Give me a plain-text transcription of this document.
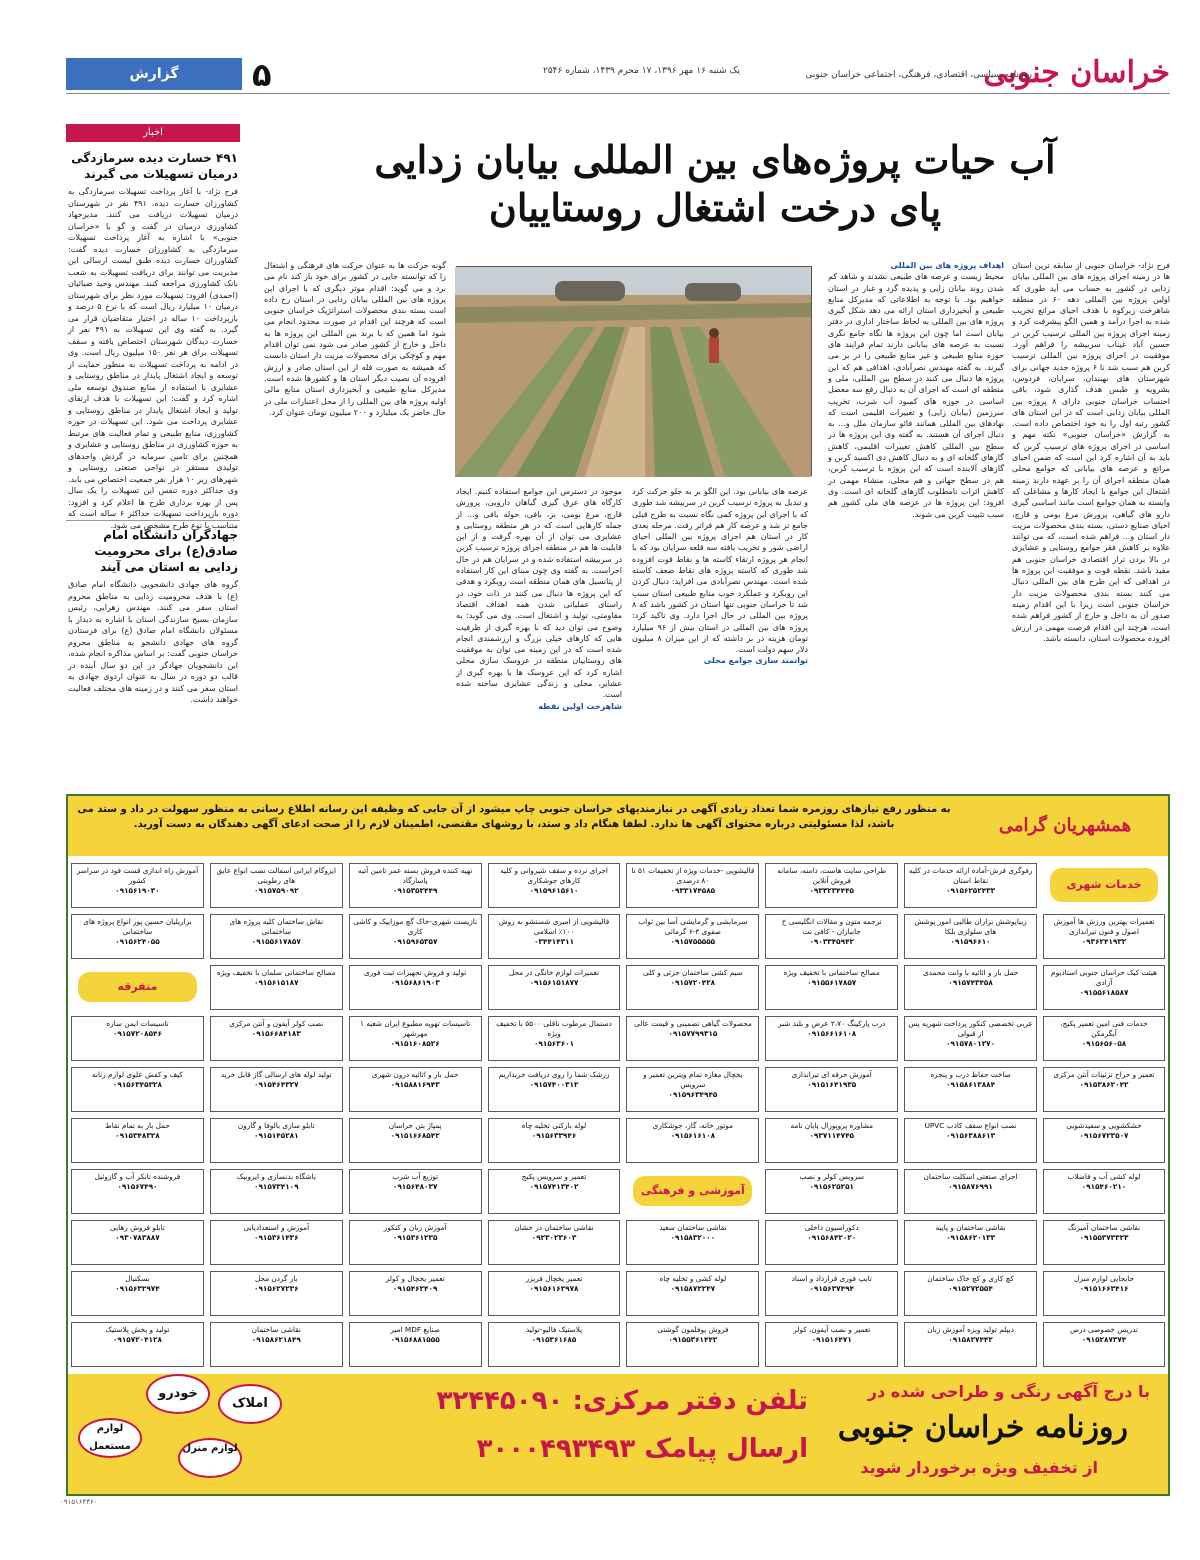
خراسان جنوبی
روزنامه سیاسی، اقتصادی، فرهنگی، اجتماعی خراسان جنوبی
یک شنبه ۱۶ مهر ۱۳۹۶، ۱۷ محرم ۱۴۳۹، شماره ۲۵۴۶
۵
گزارش
اخبار
۴۹۱ خسارت دیده سرمازدگی درمیان تسهیلات می گیرند
فرح نژاد- با آغاز پرداخت تسهیلات سرمازدگی به کشاورزان خسارت دیده، ۴۹۱ نفر در شهرستان درمیان تسهیلات دریافت می کنند. مدیرجهاد کشاورزی درمیان در گفت و گو با «خراسان جنوبی» با اشاره به آغاز پرداخت تسهیلات سرمازدگی به کشاورزان خسارت دیده گفت: کشاورزان خسارت دیده طبق لیست ارسالی این مدیریت می توانند برای دریافت تسهیلات به شعب بانک کشاورزی مراجعه کنند. مهندس وحید ضیائیان (احمدی) افزود: تسهیلات مورد نظر برای شهرستان درمیان ۱۰ میلیارد ریال است که با نرخ ۵ درصد و بازپرداخت ۱۰ ساله در اختیار متقاضیان قرار می گیرد. به گفته وی این تسهیلات به ۴۹۱ نفر از خسارت دیدگان شهرستان اختصاص یافته و سقف تسهیلات برای هر نفر ۱۵۰ میلیون ریال است. وی در ادامه به پرداخت تسهیلات به منظور حمایت از توسعه و ایجاد اشتغال پایدار در مناطق روستایی و عشایری با استفاده از منابع صندوق توسعه ملی اشاره کرد و گفت: این تسهیلات با هدف ارتقای تولید و ایجاد اشتغال پایدار در مناطق روستایی و عشایری پرداخت می شود. این تسهیلات در حوزه کشاورزی، منابع طبیعی و تمام فعالیت های مرتبط به حوزه کشاورزی در مناطق روستایی و عشایری و همچنین برای تامین سرمایه در گردش واحدهای تولیدی مستقر در نواحی صنعتی روستایی و شهرهای زیر ۱۰ هزار نفر جمعیت اختصاص می یابد. وی حداکثر دوره تنفس این تسهیلات را یک سال پس از بهره برداری طرح ها اعلام کرد و افزود: دوره بازپرداخت تسهیلات حداکثر ۶ ساله است که متناسب با نوع طرح مشخص می شود.
جهادگران دانشگاه امام صادق(ع) برای محرومیت زدایی به استان می آیند
گروه های جهادی دانشجویی دانشگاه امام صادق (ع) با هدف محرومیت زدایی به مناطق محروم استان سفر می کنند. مهندس زهرایی، رئیس سازمان بسیج سازندگی استان با اشاره به دیدار با مسئولان دانشگاه امام صادق (ع) برای فرستادن گروه های جهادی دانشجو به مناطق محروم خراسان جنوبی گفت: بر اساس مذاکره انجام شده، این دانشجویان جهادگر در این دو سال آینده در قالب دو دوره در سال به عنوان اردوی جهادی به استان سفر می کنند و در زمینه های مختلف فعالیت خواهند داشت.
آب حیات پروژه‌های بین المللی بیابان زدایی
پای درخت اشتغال روستاییان
فرح نژاد- خراسان جنوبی از سابقه ترین استان ها در زمینه اجرای پروژه های بین المللی بیابان زدایی در کشور به حساب می آید طوری که اولین پروژه بین المللی دهه ۶۰ در منطقه شاهرخت زیرکوه با هدف احیای مراتع تخریب شده به اجرا درآمد و همین الگو پیشرفت کرد و زمینه اجرای پروژه بین المللی ترسیب کربن در حسین آباد غیناب سربیشه را فراهم آورد. موفقیت در اجرای پروژه بین المللی ترسیب کربن هم سبب شد تا ۶ پروژه جدید جهانی برای شهرستان های نهبندان، سرایان، فردوس، بشرویه و طبس هدف گذاری شود، باقی احتساب خراسان جنوبی دارای ۸ پروژه بین المللی بیابان زدایی است که در این استان های کشور رتبه اول را به خود اختصاص داده است. به گزارش «خراسان جنوبی» نکته مهم و اساسی در اجرای پروژه های ترسیب کربن که باید به آن اشاره کرد این است که ضمن احیای مراتع و عرصه های بیابانی که جوامع محلی همان منطقه اجرای آن را بر عهده دارند زمینه اشتغال این جوامع با ایجاد کارها و مشاغلی که وابسته به همان جوامع است مانند اساسی گیری دارو های گیاهی، پرورش مرغ بومی و قارچ، احیای صنایع دستی، بسته بندی محصولات مزیت دار استان و... فراهم شده است، که می توانند علاوه بر کاهش فقر جوامع روستایی و عشایری در بالا بردن تراز اقتصادی خراسان جنوبی هم مفید باشد. نقطه قوت و موفقیت این پروژه ها در اهدافی که این طرح های بین المللی دنبال می کنند بسته بندی محصولات مزیت دار خراسان جنوبی است زیرا با این اقدام زمینه صدور آن به داخل و خارج از کشور فراهم شده است، هرچند این اقدام فرصت مهمی در ارزش افزوده محصولات استان، دانسته باشد.
اهداف پروژه های بین المللی
محیط زیست و عرصه های طبیعی نشدند و شاهد کم شدن روند بیابان زایی و پدیده گرد و غبار در استان خواهیم بود. با توجه به اطلاعاتی که مدیرکل منابع طبیعی و آبخیزداری استان ارائه می دهد شکل گیری پروژه های بین المللی به لحاظ ساختار اداری در دفتر بیابان است اما چون این پروژه ها نگاه جامع نگری نسبت به عرصه های بیابانی دارند تمام فرایند های حوزه منابع طبیعی و غیر منابع طبیعی را در بر می گیرند. به گفته مهندس نصرآبادی، اهدافی هم که این پروژه ها دنبال می کنند در سطح بین المللی، ملی و منطقه ای است که اجرای آن به دنبال رفع سه معضل اساسی در حوزه های کمبود آب شرب، تخریب سرزمین (بیابان زایی) و تغییرات اقلیمی است که نهادهای بین المللی همانند فائو سازمان ملل و... به دنبال اجرای آن هستند. به گفته وی این پروژه ها در سطح بین المللی کاهش تغییرات اقلیمی، کاهش گازهای گلخانه ای و به دنبال کاهش دی اکسید کربن و گازهای آلاینده است که این پروژه با ترسیب کربن، هم در سطح جهانی و هم محلی، منشاء مهمی در کاهش اثرات نامطلوب گازهای گلخانه ای است. وی افزود: این پروژه ها در عرصه های ملی کشور هم سبب تثبیت کربن می شوند.
عرصه های بیابانی بود. این الگو بر به جلو حرکت کرد و تبدیل به پروژه ترسیب کربن در سربیشه شد طوری که با اجرای این پروژه کمی نگاه نسبت به طرح قبلی جامع تر شد و عرصه کار هم فراتر رفت. مرحله بعدی کار در استان هم اجرای پروژه بین المللی احیای اراضی شور و تخریب یافته سه قلعه سرایان بود که با انجام هر پروژه ارتقاء کاسته ها و نقاط قوت افزوده شد طوری که کاسته پروژه های نقاط ضعف کاسته شده است. مهندس نصرآبادی می افزاید: دنبال کردن این رویکرد و عملکرد خوب منابع طبیعی استان سبب شد تا خراسان جنوبی تنها استان در کشور باشد که ۸ پروژه بین المللی در حال اجرا دارد. وی تاکید کرد: پروژه های بین المللی در استان بیش از ۹۶ میلیارد تومان هزینه در بر داشته که از این میزان ۸ میلیون دلار سهم دولت است.
توانمند سازی جوامع محلی
موجود در دسترس این جوامع استفاده کنیم. ایجاد کارگاه های عرق گیری گیاهان دارویی، پرورش قارچ، مرغ بومی، بز، بافی، حوله بافی و... از جمله کارهایی است که در هر منطقه روستایی و عشایری می توان از آن بهره گرفت و از این قابلیت ها هم در منطقه اجرای پروژه ترسیب کربن در سربیشه استفاده شده و در سرایان هم در حال اجراست. به گفته وی چون مبنای این کار استفاده از پتانسیل های همان منطقه است رویکرد و هدفی که این پروژه ها دنبال می کنند در ذات خود، در راستای عملیاتی شدن همه اهداف اقتصاد مقاومتی، تولید و اشتغال است. وی می گوید: به وضوح می توان دید که با بهره گیری از ظرفیت هایی که کارهای خیلی بزرگ و ارزشمندی انجام شده است که در این زمینه می توان به موفقیت های روستاییان منطقه در عروسک سازی محلی اشاره کرد که این عروسک ها با بهره گیری از عشایر، محلی و زندگی عشایری ساخته شده است.
شاهرخت اولین نقطه
گونه حرکت ها به عنوان حرکت های فرهنگی و اشتغال زا که توانسته جایی در کشور برای خود باز کند نام می برد و می گوید: اقدام موثر دیگری که با اجرای این پروژه های بین المللی بیابان زدایی در استان رخ داده است بسته بندی محصولات استراتژیک خراسان جنوبی است که هرچند این اقدام در صورت محدود انجام می شود اما همین که با برند بین المللی این پروژه ها به داخل و خارج از کشور صادر می شود نمی توان اقدام مهم و کوچکی برای محصولات مزیت دار استان دانست که همیشه به صورت فله از این استان صادر و ارزش افزوده آن نصیب دیگر استان ها و کشورها شده است. مدیرکل منابع طبیعی و آبخیزداری استان منابع مالی اولیه پروژه های بین المللی را از محل اعتبارات ملی در حال حاضر یک میلیارد و ۲۰۰ میلیون تومان عنوان کرد.
همشهریان گرامی
به منظور رفع نیازهای روزمره شما تعداد زیادی آگهی در نیازمندیهای خراسان جنوبی چاپ میشود از آن جایی که وظیفه این رسانه اطلاع رسانی به منظور سهولت در داد و ستد می باشد، لذا مسئولیتی درباره محتوای آگهی ها ندارد. لطفا هنگام داد و ستد، با روشهای مقتضی، اطمینان لازم را از صحت ادعای آگهی دهندگان به دست آورید.
رفوگری فرش-آماده ارائه خدمات در کلیه نقاط استان
۰۹۱۵۶۲۵۲۴۳۳
طراحی سایت هاست، دامنه، سامانه فروش آنلاین
۰۹۳۳۲۳۴۴۴۵
قالیشویی -خدمات ویژه از تخفیفات ۵۱ تا ۸۰ درصدی
۰۹۳۳۱۷۴۵۸۵
اجرای نرده و سقف شیروانی و کلیه کارهای جوشکاری
۰۹۱۵۹۶۱۵۶۱۰
تهیه کننده فروش بسته عمر تامین آتیه پاسارگاد
۰۹۱۵۳۵۲۴۴۹
ایزوگام ایرانی اسفالت نصب انواع عایق های رطوبتی
۰۹۱۵۷۵۹۰۹۲
آموزش راه اندازی قست فود در سراسر کشور
۰۹۱۵۶۱۹۰۳۰
تعمیرات بهترین ورزش ها آموزش اصول و فنون تیراندازی
۰۹۳۶۲۴۱۹۳۲
زیباپوشش بزاران طالبی امور پوشش های سلولزی بلکا
۰۹۱۵۹۶۶۱۰
ترجمه متون و مقالات انگلیسی خ جانبازان - کافی نت
۰۹۰۳۳۴۵۹۴۲
سرمایشی و گرمایشی آسا بین ثواب صفوی ۴-۶ گرمائی
۰۹۱۵۷۵۵۵۵۵
قالیشویی از امیری شستشو به روش ۱۰۰٪ اسلامی
۰۳۴۴۱۴۳۱۱
نازیست شهری-خاک گچ موزاییک و کاشی کاری
۰۹۱۵۹۶۵۳۵۷
نقاش ساختمان کلیه پروژه های ساختمانی
۰۹۱۵۵۶۱۷۸۵۷
بزاریلیان حسین پور انواع پروژه های ساختمانی
۰۹۱۵۶۲۴۰۵۵
هیئت کیک خراسان جنوبی استادیوم آزادی
۰۹۱۵۵۶۱۸۵۸۷
حمل بار و اثاثیه با وانت محمدی
۰۹۱۵۷۴۳۴۵۸
مصالح ساختمانی با تخفیف ویژه
۰۹۱۵۵۶۱۷۸۵۷
سیم کشی ساختمان جزئی و کلی
۰۹۱۵۷۲۰۴۲۸
تعمیرات لوازم خانگی در محل
۰۹۱۵۶۱۵۱۸۷۷
تولید و فروش تجهیزات ثبت فوری
۰۹۱۵۶۸۶۱۹۰۳
مصالح ساختمانی سلمان با تخفیف ویژه
۰۹۱۵۶۱۵۱۸۷
خدمات فنی امین تعمیر پکیج، آبگرمکن
۰۹۱۵۶۵۶۰۵۸
عربی تخصصی کنکور پرداخت شهریه پس از قبولی
۰۹۱۵۷۸۰۱۲۷۰
درب پارکینگ ۲،۷۰ عرض و بلند شبر
۰۹۱۵۶۶۱۶۱۰۸
محصولات گیاهی تضمینی و قیمت عالی
۰۹۱۵۷۷۹۹۳۱۵
دستمال مرطوب ناقلی ۵۵۰۰ با تخفیف ویژه
۰۹۱۵۶۳۶۰۱
تاسیسات تهویه مطبوع ایران شعبه ۱ مهرشهر
۰۹۱۵۱۶۰۸۵۲۶
نصب کولر آیفون و آنتن مرکزی
۰۹۱۵۶۶۸۴۱۸۳
تاسیسات ایمن سازه
۰۹۱۵۷۲۰۸۵۴۶
تعمیر و حراج تزئینات آنتن مرکزی
۰۹۱۵۳۸۶۲۰۴۲
ساخت حفاظ درب و پنجره
۰۹۱۵۸۶۱۳۸۸۴
آموزش حرفه ای تیراندازی
۰۹۱۵۱۶۴۱۹۳۵
یخچال مغازه تمام ویترین تعمیر و سرویس
۰۹۱۵۹۶۳۴۹۴۵
زرشک شما را روی دریافت خریداریم
۰۹۱۵۷۴۰۰۳۱۲
حمل بار و اثاثیه درون شهری
۰۹۱۵۸۸۱۶۹۴۳
تولید لوله های ارسالی گاز قابل خرید
۰۹۱۵۴۶۴۳۲۷
کیف و کفش علوی لوازم زنانه
۰۹۱۵۶۳۴۵۳۲۸
خشکشویی و سفیدشویی
۰۹۱۵۶۷۲۳۵۰۷
نصب انواع سقف کاذب UPVC
۰۹۱۵۶۳۸۸۶۱۳
مشاوره پروپوزال پایان نامه
۰۹۳۷۱۱۴۷۴۵
موتور خانه، گاز، جوشکاری
۰۹۱۵۶۱۶۱۰۸
لوله بازکنی تخلیه چاه
۰۹۱۵۶۳۳۹۴۶
پمپاژ بتن خراسان
۰۹۱۵۱۶۶۸۵۴۲
تابلو سازی بالوفا و گارون
۰۹۱۵۱۴۵۲۸۱
حمل بار به تمام نقاط
۰۹۱۵۳۴۸۳۲۸
لوله کشی آب و فاضلاب
۰۹۱۵۴۶۰۲۱۰
اجرای صنعتی اسکلت ساختمان
۰۹۱۵۸۷۶۹۹۱
سرویس کولر و نصب
۰۹۱۵۶۲۵۲۵۱
تعمیر و سرویس پکیج
۰۹۱۵۷۴۱۳۴۰۲
توزیع آب شرب
۰۹۱۵۶۴۸۰۳۷
باشگاه بدنسازی و ایروبیک
۰۹۱۵۷۳۴۱۰۹
فروشنده تانکر آب و گازوئیل
۰۹۱۵۶۷۴۹۰
نقاشی ساختمان آمیرنگ
۰۹۱۵۵۳۷۳۳۲۳
نقاشی ساختمان و پاپیه
۰۹۱۵۸۶۲۰۱۳۳
دکوراسیون داخلی
۰۹۱۵۶۸۴۲۰۲۰
نقاشی ساختمان سعید
۰۹۱۵۸۳۲۰۰۰
نقاشی ساختمان در خشان
۰۹۲۳۰۲۳۶۰۳
آموزش زبان و کنکور
۰۹۱۵۳۶۱۲۳۵
آموزش و استعدادیابی
۰۹۱۵۳۶۱۴۳۶
تابلو فروش رهایی
۰۹۳۰۷۸۳۸۸۷
جابجایی لوازم منزل
۰۹۱۵۱۶۶۳۴۱۶
کچ کاری و کچ خاک ساختمان
۰۹۱۵۲۷۲۵۵۴
تایپ فوری قرارداد و اسناد
۰۹۱۵۶۳۷۴۹۴
لوله کشی و تخلیه چاه
۰۹۱۵۸۷۲۲۴۷
تعمیر یخچال فریزر
۰۹۱۵۶۱۶۲۹۷۸
تعمیر یخچال و کولر
۰۹۱۵۴۶۲۴۰۹
بار گردن محل
۰۹۱۵۶۲۷۲۳۶
بسکتبال
۰۹۱۵۶۳۲۹۷۴
تدریس خصوصی درس
۰۹۱۵۲۸۷۳۷۴
دیپلم تولید ویزه آموزش زبان
۰۹۱۵۸۲۷۴۴۲
تعمیر و نصب آیفون، کولر
۰۹۱۵۱۶۴۷۱
فروش یوفلمون گوشتی
۰۹۱۵۵۳۶۱۴۴۲
پلاستیک فالبو-تولید
۰۹۱۵۳۶۱۶۸۵
صنایع MDF امیر
۰۹۱۵۶۸۸۱۵۵۵
نقاشی ساختمان
۰۹۱۵۸۶۲۱۸۴۹
تولید و پخش پلاستیک
۰۹۱۵۷۲۰۴۱۲۸
خدمات شهری
متفرقه
آموزشی و فرهنگی
با درج آگهی رنگی و طراحی شده در
روزنامه خراسان جنوبی
از تخفیف ویژه برخوردار شوید
تلفن دفتر مرکزی: ۳۲۴۴۵۰۹۰
ارسال پیامک ۳۰۰۰۴۹۳۴۹۳
املاک
خودرو
لوازم مستعمل	لوازم منزل
۰۹۱۵۱۶۴۳۶۰
